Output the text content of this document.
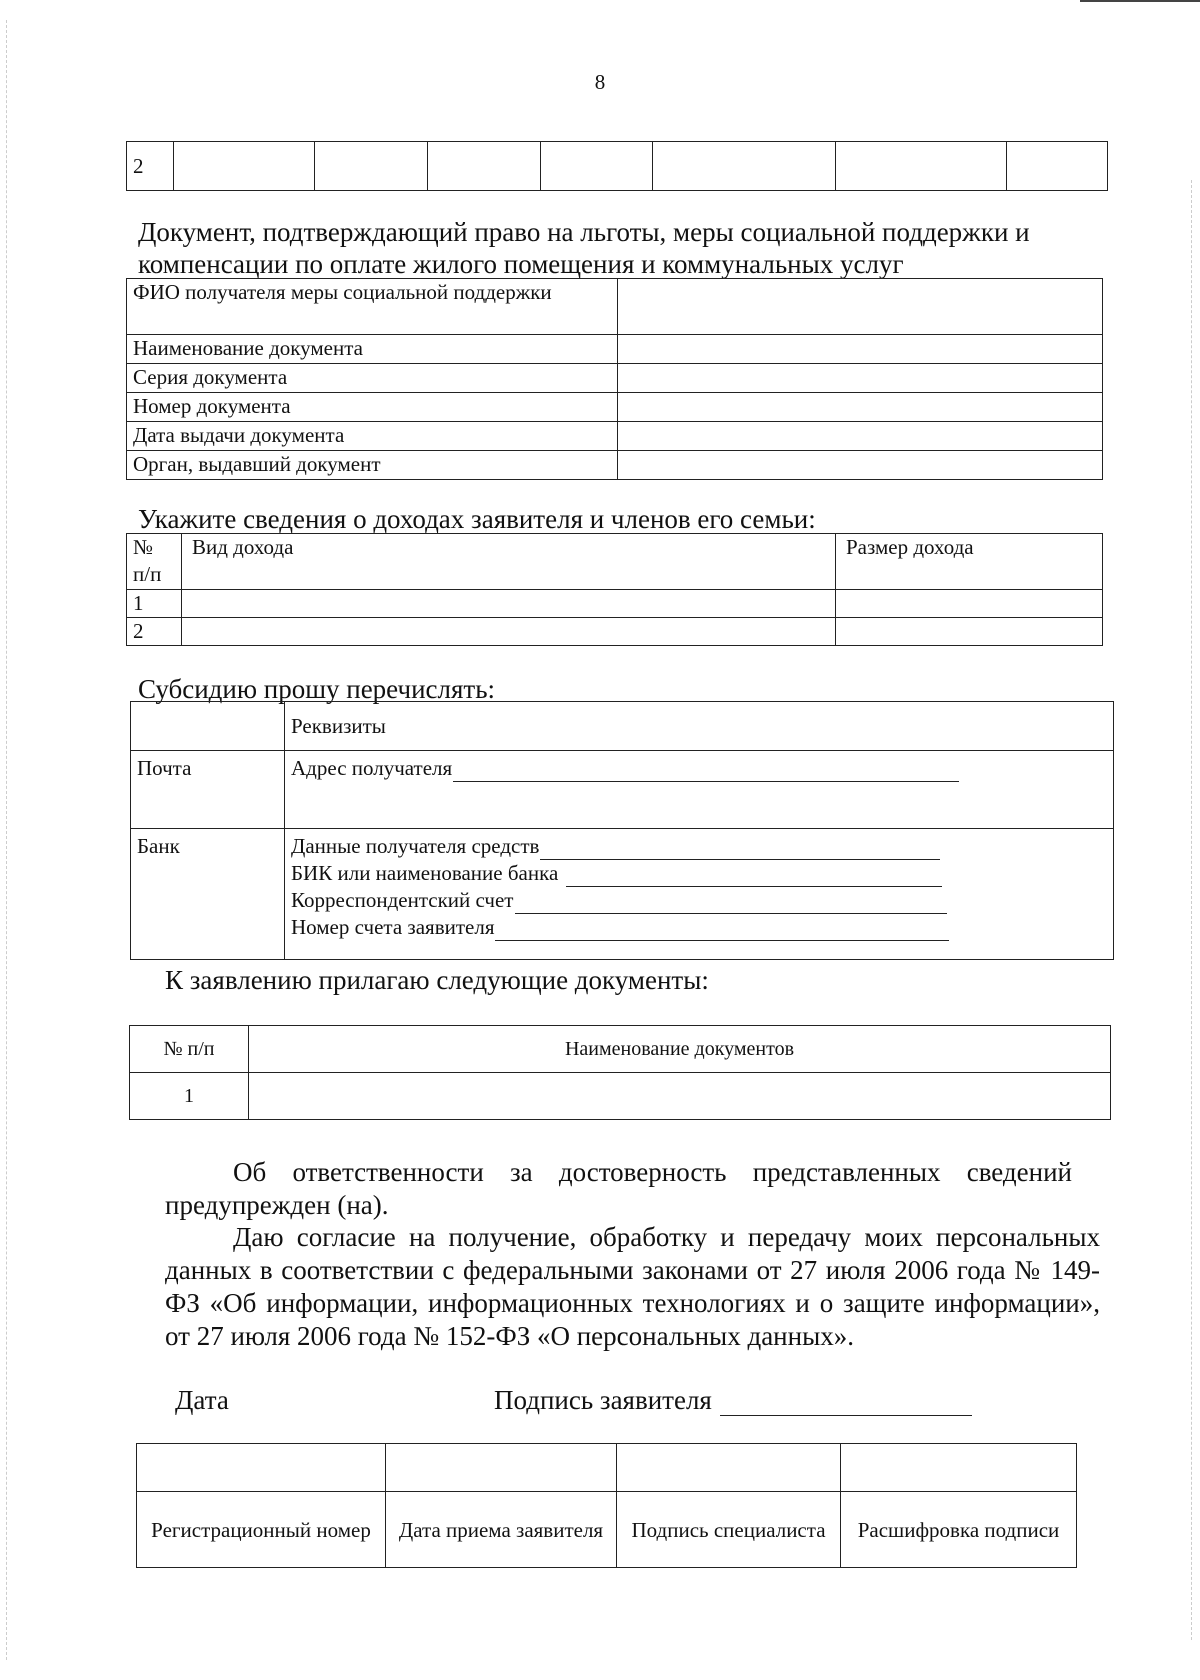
8
2							
Документ, подтверждающий право на льготы, меры социальной поддержки и
компенсации по оплате жилого помещения и коммунальных услуг
ФИО получателя меры социальной поддержки	
Наименование документа	
Серия документа	
Номер документа	
Дата выдачи документа	
Орган, выдавший документ	
Укажите сведения о доходах заявителя и членов его семьи:
№ п/п	Вид дохода	Размер дохода
1		
2		
Субсидию прошу перечислять:
	Реквизиты
Почта	Адрес получателя

Банк	Данные получателя средств
БИК или наименование банка
Корреспондентский счет
Номер счета заявителя
К заявлению прилагаю следующие документы:
№ п/п	Наименование документов
1	
Об ответственности за достоверность представленных сведений предупрежден (на).
Даю согласие на получение, обработку и передачу моих персональных данных в соответствии с федеральными законами от 27 июля 2006 года № 149-ФЗ «Об информации, информационных технологиях и о защите информации», от 27 июля 2006 года № 152-ФЗ «О персональных данных».
Дата	Подпись заявителя

Регистрационный номер	Дата приема заявителя	Подпись специалиста	Расшифровка подписи
